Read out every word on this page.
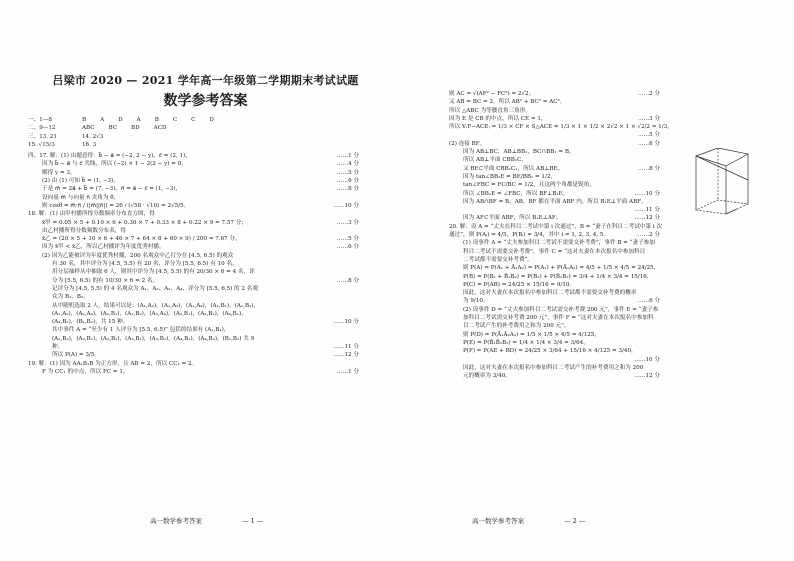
吕梁市 2020 — 2021 学年高一年级第二学期期末考试试题
数学参考答案
一、1—8	B	A	D	A	B	C	C	D
二、9—12	ABC	BC	BD	ACD
三、13. 21	14. 2√3
15. √15/3	16. 3
四、17. 解：(1) 由题意得：b⃗ − a⃗ = (−2, 2 − y)，c⃗ = (2, 1)，	……1 分
因为 b⃗ − a⃗ 与 c⃗ 共线，所以 (−2) × 1 − 2(2 − y) = 0，	……4 分
解得 y = 3。	……5 分
(2) 由 (1) 可知 b⃗ = (1, −3)，	……6 分
于是 m⃗ = 2a⃗ + b⃗ = (7, −3)，n⃗ = a⃗ − c⃗ = (1, −3)，	……8 分
设向量 m⃗ 与向量 n⃗ 夹角为 θ，
则 cosθ = m⃗·n⃗ / (|m⃗||n⃗|) = 26 / (√58 · √10) = 2√5/5。	……10 分
18. 解：(1) 由甲村播所得分数频率分布直方图，得
x̄甲 = 0.05 × 5 + 0.10 × 6 + 0.30 × 7 + 0.33 × 8 + 0.22 × 9 = 7.57 分；	……3 分
由乙村播所得分数频数分布表，得
x̄乙 = (20 × 5 + 10 × 6 + 46 × 7 + 64 × 8 + 60 × 9) / 200 = 7.67 分，	……5 分
因为 x̄甲 < x̄乙，所以乙村播评为年度优秀村播。	……6 分
(2) 因为乙能被评为年度优秀村播，200 名观众中乙打分在 [4.5, 6.5) 的观众
有 30 名，其中评分为 [4.5, 5.5) 有 20 名，评分为 [5.5, 6.5) 有 10 名。
用分层抽样从中抽取 6 人，则其中评分为 [4.5, 5.5) 的有 20/30 × 6 = 4 名，评
分为 [5.5, 6.5) 的有 10/30 × 6 = 2 名。	……8 分
记评分为 [4.5, 5.5) 的 4 名观众为 A₁、A₂、A₃、A₄，评分为 [5.5, 6.5) 的 2 名观
众为 B₁、B₂。
从中随机选取 2 人，结果可以是：(A₁,A₂)，(A₁,A₃)，(A₁,A₄)，(A₁,B₁)，(A₁,B₂)，
(A₂,A₃)，(A₂,A₄)，(A₂,B₁)，(A₂,B₂)，(A₃,A₄)，(A₃,B₁)，(A₃,B₂)，(A₄,B₁)，
(A₄,B₂)，(B₁,B₂)，共 15 种。	……10 分
其中事件 A = “至少有 1 人评分为 [5.5, 6.5)” 包括的结果有 (A₁,B₁)，
(A₁,B₂)，(A₂,B₁)，(A₂,B₂)，(A₃,B₁)，(A₃,B₂)，(A₄,B₁)，(A₄,B₂)，(B₁,B₂) 共 9
种。	……11 分
所以 P(A) = 3/5。	……12 分
19. 解：(1) 因为 AA₁B₁B 为正方形，且 AB = 2，所以 CC₁ = 2。
F 为 CC₁ 的中点，所以 FC = 1。	……1 分
则 AC = √(AF² − FC²) = 2√2。	……2 分
又 AB = BC = 2，所以 AB² + BC² = AC²。
所以 △ABC 为等腰直角三角形。
因为 E 是 CB 的中点，所以 CE = 1，	……3 分
所以 V₍F−ACE₎ = 1/3 × CF × S△ACE = 1/3 × 1 × 1/2 × 2√2 × 1 × √2/2 = 1/3。
……5 分
(2) 连接 BF。	……6 分
因为 AB⊥BC，AB⊥BB₁，BC∩BB₁ = B，
所以 AB⊥平面 CBB₁C，
又 BE⊂平面 CBB₁C₁，所以 AB⊥BE。	……8 分
因为 tan∠BB₁E = BE/BB₁ = 1/2，
tan∠FBC = FC/BC = 1/2，且这两个角都是锐角，
所以 ∠BB₁E = ∠FBC，所以 BF⊥B₁E。	……10 分
因为 AB∩BF = B，AB、BF 都在平面 ABF 内，所以 B₁E⊥平面 ABF，
……11 分
因为 AF⊂平面 ABF，所以 B₁E⊥AF。	……12 分
20. 解：设 A = “丈夫在科目二考试中第 i 次通过”，B = “妻子在科目二考试中第 i 次
通过”，则 P(Aᵢ) = 4/5，P(Bᵢ) = 3/4，其中 i = 1, 2, 3, 4, 5。	……2 分
(1) 设事件 A = “丈夫参加科目二考试不需要交补考费”，事件 B = “妻子参加
科目二考试不需要交补考费”，事件 C = “这对夫妻在本次报名中参加科目
二考试都不需要交补考费”。
则 P(A) = P(A₁ + Ā₁A₂) = P(A₁) + P(Ā₁A₂) = 4/5 + 1/5 × 4/5 = 24/25，
P(B) = P(B₁ + B̄₁B₂) = P(B₁) + P(B̄₁B₂) = 3/4 + 1/4 × 3/4 = 15/16，
P(C) = P(AB) = 24/25 × 15/16 = 9/10。
因此，这对夫妻在本次报名中参加科目二考试都不需要交补考费的概率
为 9/10。	……6 分
(2) 设事件 D = “丈夫参加科目二考试需交补考费 200 元”，事件 E = “妻子参
加科目二考试需交补考费 200 元”，事件 F = “这对夫妻在本次报名中参加科
目二考试产生的补考费用之和为 200 元”，
则 P(D) = P(Ā₁Ā₂A₃) = 1/5 × 1/5 × 4/5 = 4/125，
P(E) = P(B̄₁B̄₂B₃) = 1/4 × 1/4 × 3/4 = 3/64，
P(F) = P(AE + BD) = 24/25 × 3/64 + 15/16 × 4/125 = 3/40，
……10 分
因此，这对夫妻在本次报名中参加科目二考试产生的补考费用之和为 200
元的概率为 3/40。	……12 分
高一数学参考答案	— 1 —	高一数学参考答案	— 2 —
